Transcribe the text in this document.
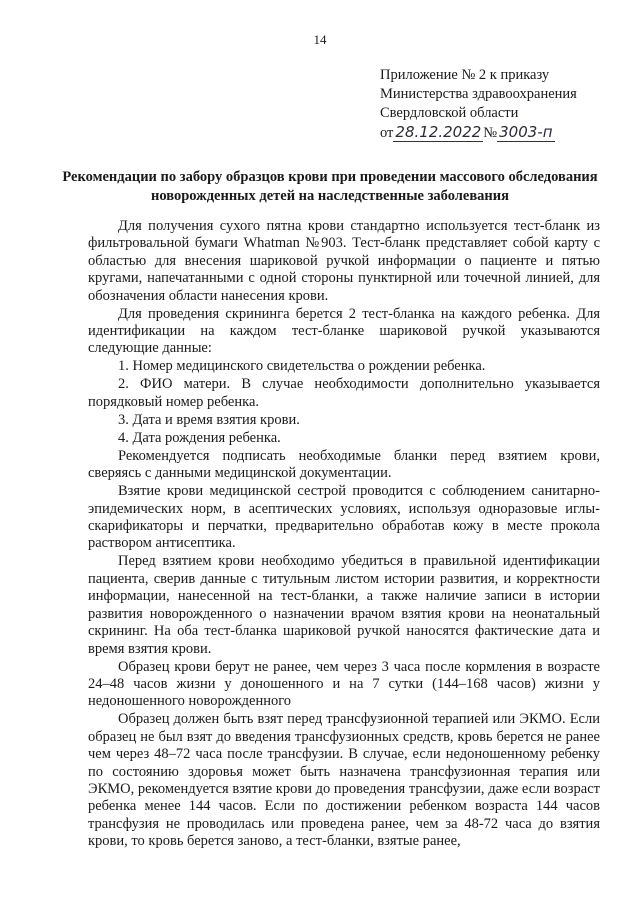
14
Приложение № 2 к приказу
Министерства здравоохранения
Свердловской области
от 28.12.2022 № 3003-п
Рекомендации по забору образцов крови при проведении массового обследования новорожденных детей на наследственные заболевания

Для получения сухого пятна крови стандартно используется тест-бланк из фильтровальной бумаги Whatman №903. Тест-бланк представляет собой карту с областью для внесения шариковой ручкой информации о пациенте и пятью кругами, напечатанными с одной стороны пунктирной или точечной линией, для обозначения области нанесения крови.

Для проведения скрининга берется 2 тест-бланка на каждого ребенка. Для идентификации на каждом тест-бланке шариковой ручкой указываются следующие данные:

1. Номер медицинского свидетельства о рождении ребенка.

2. ФИО матери. В случае необходимости дополнительно указывается порядковый номер ребенка.

3. Дата и время взятия крови.

4. Дата рождения ребенка.

Рекомендуется подписать необходимые бланки перед взятием крови, сверяясь с данными медицинской документации.

Взятие крови медицинской сестрой проводится с соблюдением санитарно-эпидемических норм, в асептических условиях, используя одноразовые иглы-скарификаторы и перчатки, предварительно обработав кожу в месте прокола раствором антисептика.

Перед взятием крови необходимо убедиться в правильной идентификации пациента, сверив данные с титульным листом истории развития, и корректности информации, нанесенной на тест-бланки, а также наличие записи в истории развития новорожденного о назначении врачом взятия крови на неонатальный скрининг. На оба тест-бланка шариковой ручкой наносятся фактические дата и время взятия крови.

Образец крови берут не ранее, чем через 3 часа после кормления в возрасте 24–48 часов жизни у доношенного и на 7 сутки (144–168 часов) жизни у недоношенного новорожденного

Образец должен быть взят перед трансфузионной терапией или ЭКМО. Если образец не был взят до введения трансфузионных средств, кровь берется не ранее чем через 48–72 часа после трансфузии. В случае, если недоношенному ребенку по состоянию здоровья может быть назначена трансфузионная терапия или ЭКМО, рекомендуется взятие крови до проведения трансфузии, даже если возраст ребенка менее 144 часов. Если по достижении ребенком возраста 144 часов трансфузия не проводилась или проведена ранее, чем за 48-72 часа до взятия крови, то кровь берется заново, а тест-бланки, взятые ранее,
